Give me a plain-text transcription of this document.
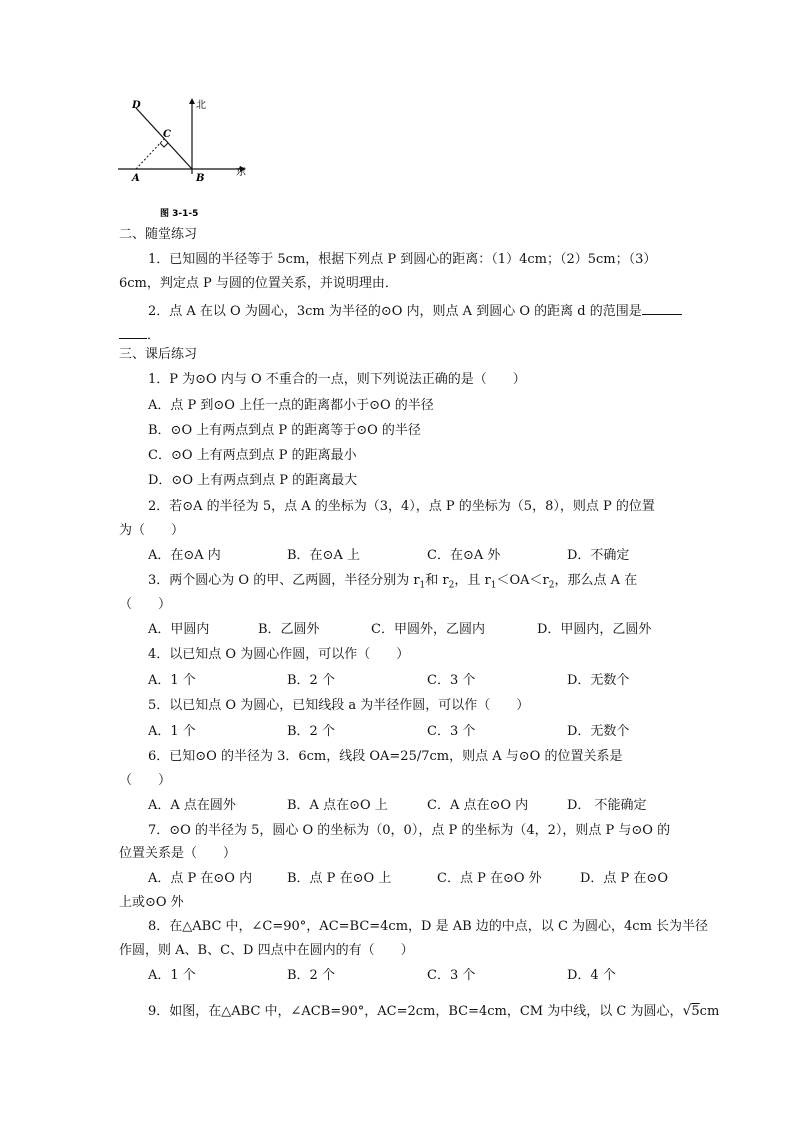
D
C
A	B
北
东
图 3-1-5
二、随堂练习
1．已知圆的半径等于 5cm，根据下列点 P 到圆心的距离：（1）4cm；（2）5cm；（3）
6cm，判定点 P 与圆的位置关系，并说明理由．
2．点 A 在以 O 为圆心，3cm 为半径的⊙O 内，则点 A 到圆心 O 的距离 d 的范围是
．
三、课后练习
1．P 为⊙O 内与 O 不重合的一点，则下列说法正确的是（　　）
A．点 P 到⊙O 上任一点的距离都小于⊙O 的半径
B．⊙O 上有两点到点 P 的距离等于⊙O 的半径
C．⊙O 上有两点到点 P 的距离最小
D．⊙O 上有两点到点 P 的距离最大
2．若⊙A 的半径为 5，点 A 的坐标为（3，4），点 P 的坐标为（5，8），则点 P 的位置
为（　　）
A．在⊙A 内	B．在⊙A 上	C．在⊙A 外	D．不确定
3．两个圆心为 O 的甲、乙两圆，半径分别为 $r_1$和 $r_2$，且 $r_1<OA<r_2$，那么点 A 在
（　　）
A．甲圆内	B．乙圆外	C．甲圆外，乙圆内	D．甲圆内，乙圆外
4．以已知点 O 为圆心作圆，可以作（　　）
A．1 个	B．2 个	C．3 个	D．无数个
5．以已知点 O 为圆心，已知线段 a 为半径作圆，可以作（　　）
A．1 个	B．2 个	C．3 个	D．无数个
6．已知⊙O 的半径为 3．6cm，线段 OA=25/7cm，则点 A 与⊙O 的位置关系是
（　　）
A．A 点在圆外	B．A 点在⊙O 上	C．A 点在⊙O 内	D． 不能确定
7．⊙O 的半径为 5，圆心 O 的坐标为（0，0），点 P 的坐标为（4，2），则点 P 与⊙O 的
位置关系是（　　）
A．点 P 在⊙O 内	B．点 P 在⊙O 上	C．点 P 在⊙O 外	D．点 P 在⊙O
上或⊙O 外
8．在△ABC 中，∠C=90°，AC=BC=4cm，D 是 AB 边的中点，以 C 为圆心，4cm 长为半径
作圆，则 A、B、C、D 四点中在圆内的有（　　）
A．1 个	B．2 个	C．3 个	D．4 个
9．如图，在△ABC 中，∠ACB=90°，AC=2cm，BC=4cm，CM 为中线，以 C 为圆心，√5cm
